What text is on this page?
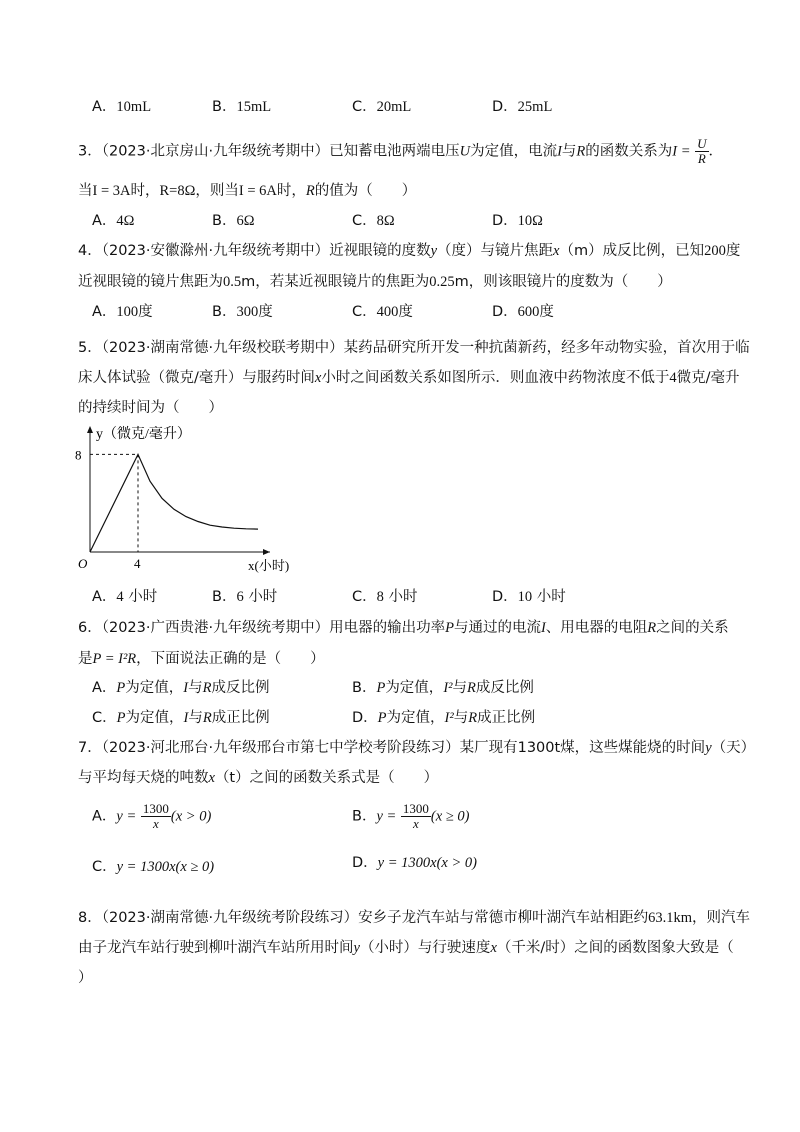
A．10mL	B．15mL	C．20mL	D．25mL
3．（2023·北京房山·九年级统考期中）已知蓄电池两端电压U为定值，电流I与R的函数关系为$I = \frac{U}{R}$ ．
当I = 3A时，R=8Ω，则当I = 6A时，R的值为（　　）
A．4Ω	B．6Ω	C．8Ω	D．10Ω
4．（2023·安徽滁州·九年级统考期中）近视眼镜的度数y（度）与镜片焦距x（m）成反比例，已知200度
近视眼镜的镜片焦距为0.5m，若某近视眼镜片的焦距为0.25m，则该眼镜片的度数为（　　）
A．100度	B．300度	C．400度	D．600度
5．（2023·湖南常德·九年级校联考期中）某药品研究所开发一种抗菌新药，经多年动物实验，首次用于临
床人体试验（微克/毫升）与服药时间x小时之间函数关系如图所示．则血液中药物浓度不低于4微克/毫升
的持续时间为（　　）
y（微克/毫升）
x(小时)
O	4
8
A．4 小时	B．6 小时	C．8 小时	D．10 小时
6．（2023·广西贵港·九年级统考期中）用电器的输出功率P与通过的电流I、用电器的电阻R之间的关系
是P = I²R，下面说法正确的是（　　）
A．P为定值，I与R成反比例	B．P为定值，I²与R成反比例
C．P为定值，I与R成正比例	D．P为定值，I²与R成正比例
7．（2023·河北邢台·九年级邢台市第七中学校考阶段练习）某厂现有1300t煤，这些煤能烧的时间y（天）
与平均每天烧的吨数x（t）之间的函数关系式是（　　）
A．$y = \frac{1300}{x} (x > 0)$	B．$y = \frac{1300}{x} (x \ge 0)$
C．y = 1300x(x ≥ 0)	D．y = 1300x(x > 0)
8．（2023·湖南常德·九年级统考阶段练习）安乡子龙汽车站与常德市柳叶湖汽车站相距约63.1km，则汽车
由子龙汽车站行驶到柳叶湖汽车站所用时间y（小时）与行驶速度x（千米/时）之间的函数图象大致是（
）
